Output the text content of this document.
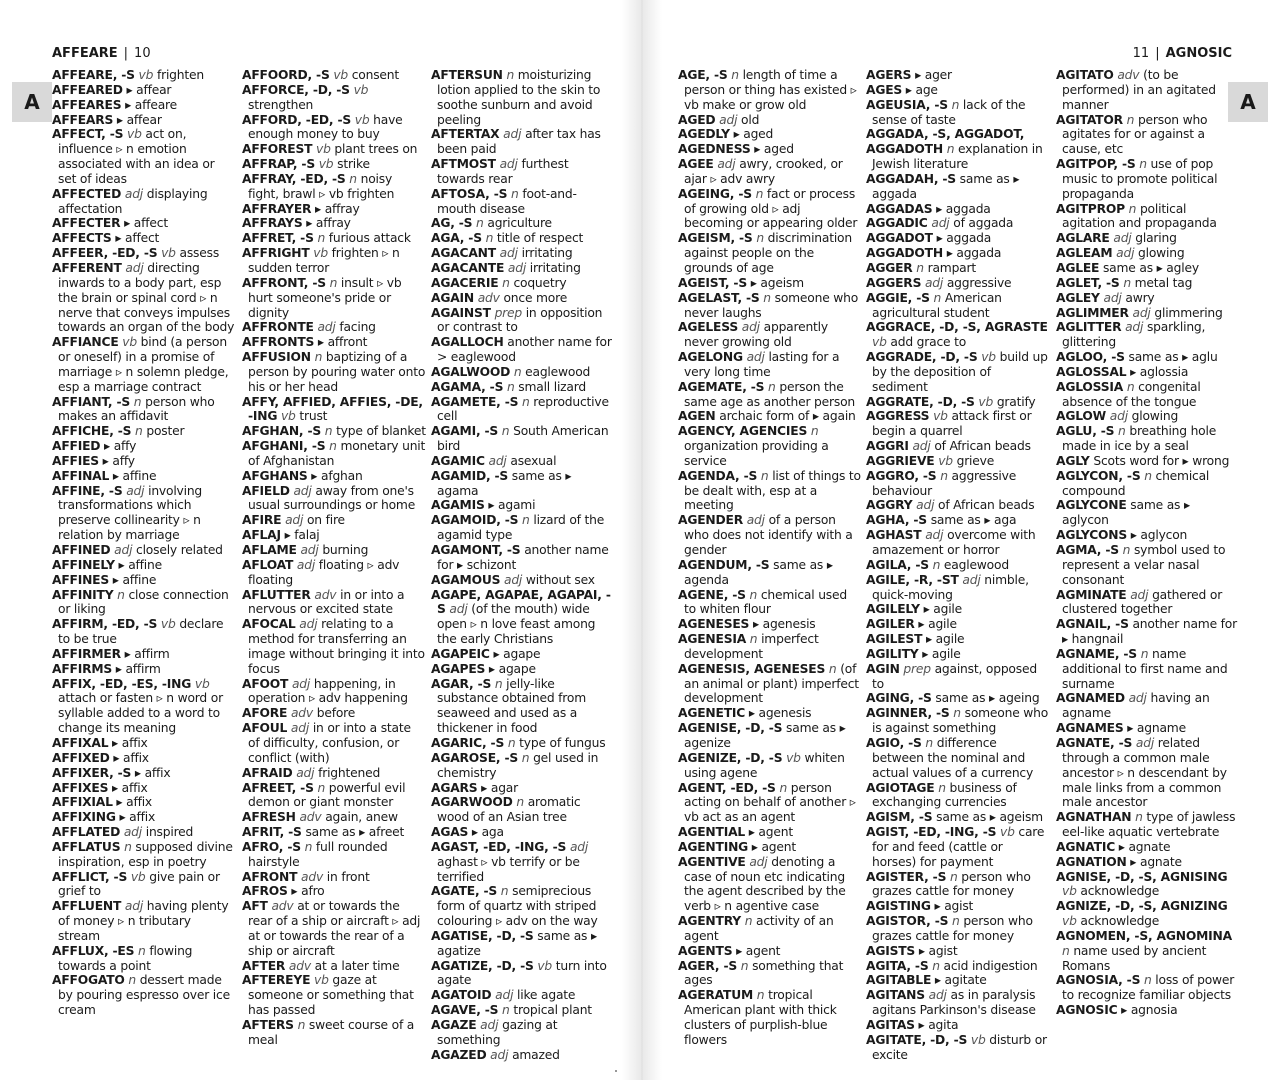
AFFEARE | 10
A
AFFEARE, -S vb frighten
AFFEARED ▸ affear
AFFEARES ▸ affeare
AFFEARS ▸ affear
AFFECT, -S vb act on, influence ▹ n emotion associated with an idea or set of ideas
AFFECTED adj displaying affectation
AFFECTER ▸ affect
AFFECTS ▸ affect
AFFEER, -ED, -S vb assess
AFFERENT adj directing inwards to a body part, esp the brain or spinal cord ▹ n nerve that conveys impulses towards an organ of the body
AFFIANCE vb bind (a person or oneself) in a promise of marriage ▹ n solemn pledge, esp a marriage contract
AFFIANT, -S n person who makes an affidavit
AFFICHE, -S n poster
AFFIED ▸ affy
AFFIES ▸ affy
AFFINAL ▸ affine
AFFINE, -S adj involving transformations which preserve collinearity ▹ n relation by marriage
AFFINED adj closely related
AFFINELY ▸ affine
AFFINES ▸ affine
AFFINITY n close connection or liking
AFFIRM, -ED, -S vb declare to be true
AFFIRMER ▸ affirm
AFFIRMS ▸ affirm
AFFIX, -ED, -ES, -ING vb attach or fasten ▹ n word or syllable added to a word to change its meaning
AFFIXAL ▸ affix
AFFIXED ▸ affix
AFFIXER, -S ▸ affix
AFFIXES ▸ affix
AFFIXIAL ▸ affix
AFFIXING ▸ affix
AFFLATED adj inspired
AFFLATUS n supposed divine inspiration, esp in poetry
AFFLICT, -S vb give pain or grief to
AFFLUENT adj having plenty of money ▹ n tributary stream
AFFLUX, -ES n flowing towards a point
AFFOGATO n dessert made by pouring espresso over ice cream
AFFOORD, -S vb consent
AFFORCE, -D, -S vb strengthen
AFFORD, -ED, -S vb have enough money to buy
AFFOREST vb plant trees on
AFFRAP, -S vb strike
AFFRAY, -ED, -S n noisy fight, brawl ▹ vb frighten
AFFRAYER ▸ affray
AFFRAYS ▸ affray
AFFRET, -S n furious attack
AFFRIGHT vb frighten ▹ n sudden terror
AFFRONT, -S n insult ▹ vb hurt someone's pride or dignity
AFFRONTE adj facing
AFFRONTS ▸ affront
AFFUSION n baptizing of a person by pouring water onto his or her head
AFFY, AFFIED, AFFIES, -DE, -ING vb trust
AFGHAN, -S n type of blanket
AFGHANI, -S n monetary unit of Afghanistan
AFGHANS ▸ afghan
AFIELD adj away from one's usual surroundings or home
AFIRE adj on fire
AFLAJ ▸ falaj
AFLAME adj burning
AFLOAT adj floating ▹ adv floating
AFLUTTER adv in or into a nervous or excited state
AFOCAL adj relating to a method for transferring an image without bringing it into focus
AFOOT adj happening, in operation ▹ adv happening
AFORE adv before
AFOUL adj in or into a state of difficulty, confusion, or conflict (with)
AFRAID adj frightened
AFREET, -S n powerful evil demon or giant monster
AFRESH adv again, anew
AFRIT, -S same as ▸ afreet
AFRO, -S n full rounded hairstyle
AFRONT adv in front
AFROS ▸ afro
AFT adv at or towards the rear of a ship or aircraft ▹ adj at or towards the rear of a ship or aircraft
AFTER adv at a later time
AFTEREYE vb gaze at someone or something that has passed
AFTERS n sweet course of a meal
AFTERSUN n moisturizing lotion applied to the skin to soothe sunburn and avoid peeling
AFTERTAX adj after tax has been paid
AFTMOST adj furthest towards rear
AFTOSA, -S n foot-and-mouth disease
AG, -S n agriculture
AGA, -S n title of respect
AGACANT adj irritating
AGACANTE adj irritating
AGACERIE n coquetry
AGAIN adv once more
AGAINST prep in opposition or contrast to
AGALLOCH another name for > eaglewood
AGALWOOD n eaglewood
AGAMA, -S n small lizard
AGAMETE, -S n reproductive cell
AGAMI, -S n South American bird
AGAMIC adj asexual
AGAMID, -S same as ▸ agama
AGAMIS ▸ agami
AGAMOID, -S n lizard of the agamid type
AGAMONT, -S another name for ▸ schizont
AGAMOUS adj without sex
AGAPE, AGAPAE, AGAPAI, -S adj (of the mouth) wide open ▹ n love feast among the early Christians
AGAPEIC ▸ agape
AGAPES ▸ agape
AGAR, -S n jelly-like substance obtained from seaweed and used as a thickener in food
AGARIC, -S n type of fungus
AGAROSE, -S n gel used in chemistry
AGARS ▸ agar
AGARWOOD n aromatic wood of an Asian tree
AGAS ▸ aga
AGAST, -ED, -ING, -S adj aghast ▹ vb terrify or be terrified
AGATE, -S n semiprecious form of quartz with striped colouring ▹ adv on the way
AGATISE, -D, -S same as ▸ agatize
AGATIZE, -D, -S vb turn into agate
AGATOID adj like agate
AGAVE, -S n tropical plant
AGAZE adj gazing at something
AGAZED adj amazed
11 | AGNOSIC
A
AGE, -S n length of time a person or thing has existed ▹ vb make or grow old
AGED adj old
AGEDLY ▸ aged
AGEDNESS ▸ aged
AGEE adj awry, crooked, or ajar ▹ adv awry
AGEING, -S n fact or process of growing old ▹ adj becoming or appearing older
AGEISM, -S n discrimination against people on the grounds of age
AGEIST, -S ▸ ageism
AGELAST, -S n someone who never laughs
AGELESS adj apparently never growing old
AGELONG adj lasting for a very long time
AGEMATE, -S n person the same age as another person
AGEN archaic form of ▸ again
AGENCY, AGENCIES n organization providing a service
AGENDA, -S n list of things to be dealt with, esp at a meeting
AGENDER adj of a person who does not identify with a gender
AGENDUM, -S same as ▸ agenda
AGENE, -S n chemical used to whiten flour
AGENESES ▸ agenesis
AGENESIA n imperfect development
AGENESIS, AGENESES n (of an animal or plant) imperfect development
AGENETIC ▸ agenesis
AGENISE, -D, -S same as ▸ agenize
AGENIZE, -D, -S vb whiten using agene
AGENT, -ED, -S n person acting on behalf of another ▹ vb act as an agent
AGENTIAL ▸ agent
AGENTING ▸ agent
AGENTIVE adj denoting a case of noun etc indicating the agent described by the verb ▹ n agentive case
AGENTRY n activity of an agent
AGENTS ▸ agent
AGER, -S n something that ages
AGERATUM n tropical American plant with thick clusters of purplish-blue flowers
AGERS ▸ ager
AGES ▸ age
AGEUSIA, -S n lack of the sense of taste
AGGADA, -S, AGGADOT,
AGGADOTH n explanation in Jewish literature
AGGADAH, -S same as ▸ aggada
AGGADAS ▸ aggada
AGGADIC adj of aggada
AGGADOT ▸ aggada
AGGADOTH ▸ aggada
AGGER n rampart
AGGERS adj aggressive
AGGIE, -S n American agricultural student
AGGRACE, -D, -S, AGRASTE vb add grace to
AGGRADE, -D, -S vb build up by the deposition of sediment
AGGRATE, -D, -S vb gratify
AGGRESS vb attack first or begin a quarrel
AGGRI adj of African beads
AGGRIEVE vb grieve
AGGRO, -S n aggressive behaviour
AGGRY adj of African beads
AGHA, -S same as ▸ aga
AGHAST adj overcome with amazement or horror
AGILA, -S n eaglewood
AGILE, -R, -ST adj nimble, quick-moving
AGILELY ▸ agile
AGILER ▸ agile
AGILEST ▸ agile
AGILITY ▸ agile
AGIN prep against, opposed to
AGING, -S same as ▸ ageing
AGINNER, -S n someone who is against something
AGIO, -S n difference between the nominal and actual values of a currency
AGIOTAGE n business of exchanging currencies
AGISM, -S same as ▸ ageism
AGIST, -ED, -ING, -S vb care for and feed (cattle or horses) for payment
AGISTER, -S n person who grazes cattle for money
AGISTING ▸ agist
AGISTOR, -S n person who grazes cattle for money
AGISTS ▸ agist
AGITA, -S n acid indigestion
AGITABLE ▸ agitate
AGITANS adj as in paralysis agitans Parkinson's disease
AGITAS ▸ agita
AGITATE, -D, -S vb disturb or excite
AGITATO adv (to be performed) in an agitated manner
AGITATOR n person who agitates for or against a cause, etc
AGITPOP, -S n use of pop music to promote political propaganda
AGITPROP n political agitation and propaganda
AGLARE adj glaring
AGLEAM adj glowing
AGLEE same as ▸ agley
AGLET, -S n metal tag
AGLEY adj awry
AGLIMMER adj glimmering
AGLITTER adj sparkling, glittering
AGLOO, -S same as ▸ aglu
AGLOSSAL ▸ aglossia
AGLOSSIA n congenital absence of the tongue
AGLOW adj glowing
AGLU, -S n breathing hole made in ice by a seal
AGLY Scots word for ▸ wrong
AGLYCON, -S n chemical compound
AGLYCONE same as ▸ aglycon
AGLYCONS ▸ aglycon
AGMA, -S n symbol used to represent a velar nasal consonant
AGMINATE adj gathered or clustered together
AGNAIL, -S another name for ▸ hangnail
AGNAME, -S n name additional to first name and surname
AGNAMED adj having an agname
AGNAMES ▸ agname
AGNATE, -S adj related through a common male ancestor ▹ n descendant by male links from a common male ancestor
AGNATHAN n type of jawless eel-like aquatic vertebrate
AGNATIC ▸ agnate
AGNATION ▸ agnate
AGNISE, -D, -S, AGNISING vb acknowledge
AGNIZE, -D, -S, AGNIZING vb acknowledge
AGNOMEN, -S, AGNOMINA n name used by ancient Romans
AGNOSIA, -S n loss of power to recognize familiar objects
AGNOSIC ▸ agnosia
